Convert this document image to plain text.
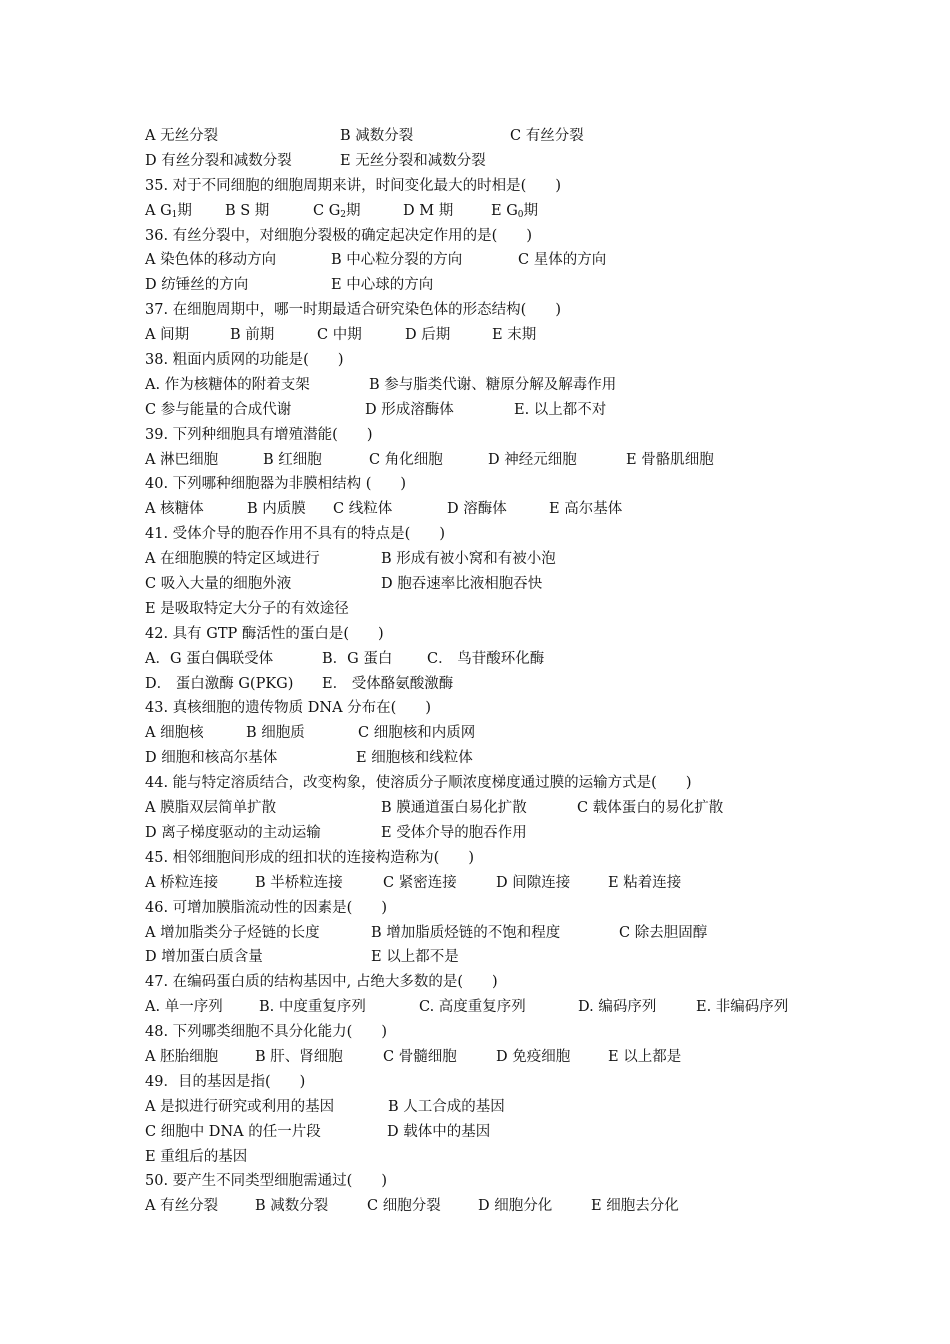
A 无丝分裂	B 减数分裂	C 有丝分裂
D 有丝分裂和减数分裂	E 无丝分裂和减数分裂
35. 对于不同细胞的细胞周期来讲，时间变化最大的时相是(　　)
A $G_1$期 B S 期	C $G_2$期	D M 期	E $G_0$期
36. 有丝分裂中，对细胞分裂极的确定起决定作用的是(　　)
A 染色体的移动方向	B 中心粒分裂的方向	C 星体的方向
D 纺锤丝的方向	E 中心球的方向
37. 在细胞周期中，哪一时期最适合研究染色体的形态结构(　　)
A 间期	B 前期	C 中期	D 后期	E 末期
38. 粗面内质网的功能是(　　)
A. 作为核糖体的附着支架	B 参与脂类代谢、糖原分解及解毒作用
C 参与能量的合成代谢	D 形成溶酶体	E. 以上都不对
39. 下列种细胞具有增殖潜能(　　)
A 淋巴细胞	B 红细胞	C 角化细胞	D 神经元细胞	E 骨骼肌细胞
40. 下列哪种细胞器为非膜相结构 (　　)
A 核糖体	B 内质膜 C 线粒体	D 溶酶体	E 高尔基体
41. 受体介导的胞吞作用不具有的特点是(　　)
A 在细胞膜的特定区域进行	B 形成有被小窝和有被小泡
C 吸入大量的细胞外液	D 胞吞速率比液相胞吞快
E 是吸取特定大分子的有效途径
42. 具有 GTP 酶活性的蛋白是(　　)
A．G 蛋白偶联受体	B．G 蛋白 C． 鸟苷酸环化酶
D． 蛋白激酶 G(PKG) E． 受体酪氨酸激酶
43. 真核细胞的遗传物质 DNA 分布在(　　)
A 细胞核	B 细胞质	C 细胞核和内质网
D 细胞和核高尔基体	E 细胞核和线粒体
44. 能与特定溶质结合，改变构象，使溶质分子顺浓度梯度通过膜的运输方式是(　　)
A 膜脂双层简单扩散	B 膜通道蛋白易化扩散	C 载体蛋白的易化扩散
D 离子梯度驱动的主动运输	E 受体介导的胞吞作用
45. 相邻细胞间形成的纽扣状的连接构造称为(　　)
A 桥粒连接	B 半桥粒连接	C 紧密连接	D 间隙连接	E 粘着连接
46. 可增加膜脂流动性的因素是(　　)
A 增加脂类分子烃链的长度	B 增加脂质烃链的不饱和程度	C 除去胆固醇
D 增加蛋白质含量	E 以上都不是
47. 在编码蛋白质的结构基因中, 占绝大多数的是(　　)
A. 单一序列	B. 中度重复序列	C. 高度重复序列	D. 编码序列	E. 非编码序列
48. 下列哪类细胞不具分化能力(　　)
A 胚胎细胞	B 肝、肾细胞	C 骨髓细胞	D 免疫细胞	E 以上都是
49．目的基因是指(　　)
A 是拟进行研究或利用的基因	B 人工合成的基因
C 细胞中 DNA 的任一片段	D 载体中的基因
E 重组后的基因
50. 要产生不同类型细胞需通过(　　)
A 有丝分裂	B 减数分裂	C 细胞分裂	D 细胞分化	E 细胞去分化
